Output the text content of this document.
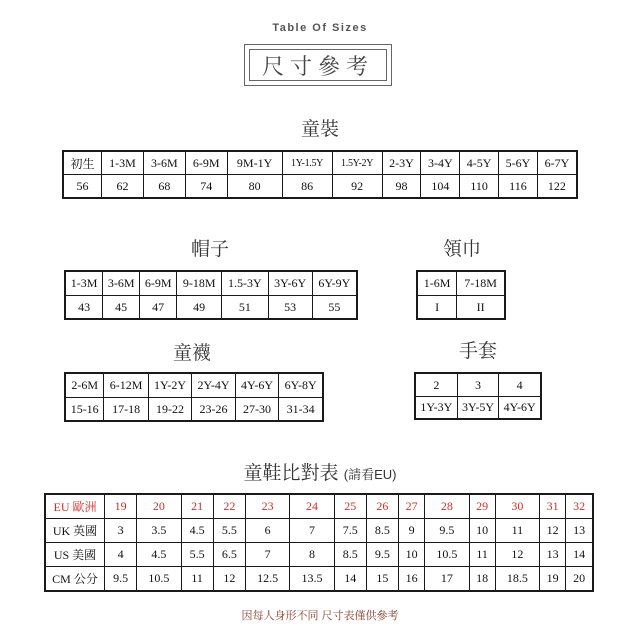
Table Of Sizes
尺寸參考
童裝
初生	1-3M	3-6M	6-9M	9M-1Y	1Y-1.5Y	1.5Y-2Y	2-3Y	3-4Y	4-5Y	5-6Y	6-7Y
56	62	68	74	80	86	92	98	104	110	116	122
帽子
1-3M	3-6M	6-9M	9-18M	1.5-3Y	3Y-6Y	6Y-9Y
43	45	47	49	51	53	55
領巾
1-6M	7-18M
I	II
童襪
2-6M	6-12M	1Y-2Y	2Y-4Y	4Y-6Y	6Y-8Y
15-16	17-18	19-22	23-26	27-30	31-34
手套
2	3	4
1Y-3Y	3Y-5Y	4Y-6Y
童鞋比對表 (請看EU)
EU 歐洲	19	20	21	22	23	24	25	26	27	28	29	30	31	32
UK 英國	3	3.5	4.5	5.5	6	7	7.5	8.5	9	9.5	10	11	12	13
US 美國	4	4.5	5.5	6.5	7	8	8.5	9.5	10	10.5	11	12	13	14
CM 公分	9.5	10.5	11	12	12.5	13.5	14	15	16	17	18	18.5	19	20
因每人身形不同 尺寸表僅供參考
